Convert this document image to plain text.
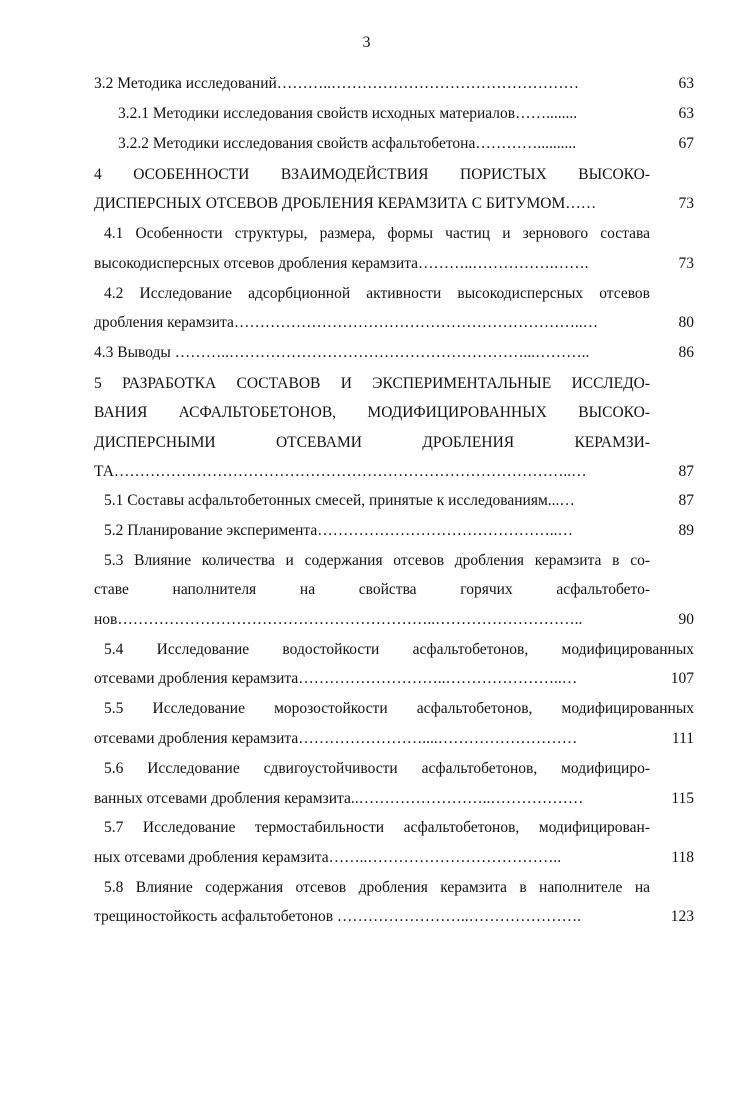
3
3.2 Методика исследований………..…………………………………………	63
3.2.1 Методики исследования свойств исходных материалов……........	63
3.2.2 Методики исследования свойств асфальтобетона…………..........	67
4 ОСОБЕННОСТИ ВЗАИМОДЕЙСТВИЯ ПОРИСТЫХ ВЫСОКО-
ДИСПЕРСНЫХ ОТСЕВОВ ДРОБЛЕНИЯ КЕРАМЗИТА С БИТУМОМ……	73
4.1 Особенности структуры, размера, формы частиц и зернового состава
высокодисперсных отсевов дробления керамзита………..…………….…….	73
4.2 Исследование адсорбционной активности высокодисперсных отсевов
дробления керамзита…………………………………………………………..…	80
4.3 Выводы ………..…………………………………………………...………..	86
5 РАЗРАБОТКА СОСТАВОВ И ЭКСПЕРИМЕНТАЛЬНЫЕ ИССЛЕДО-
ВАНИЯ АСФАЛЬТОБЕТОНОВ, МОДИФИЦИРОВАННЫХ ВЫСОКО-
ДИСПЕРСНЫМИ ОТСЕВАМИ ДРОБЛЕНИЯ КЕРАМЗИ-
ТА……………………………………………………………………………..…	87
5.1 Составы асфальтобетонных смесей, принятые к исследованиям...…	87
5.2 Планирование эксперимента………………………………………..…	89
5.3 Влияние количества и содержания отсевов дробления керамзита в со-
ставе наполнителя на свойства горячих асфальтобето-
нов……………………………………………………..………………………..	90
5.4 Исследование водостойкости асфальтобетонов, модифицированных
отсевами дробления керамзита………………………..…………………..…	107
5.5 Исследование морозостойкости асфальтобетонов, модифицированных
отсевами дробления керамзита……………………....………………………	111
5.6 Исследование сдвигоустойчивости асфальтобетонов, модифициро-
ванных отсевами дробления керамзита..……………………..………………	115
5.7 Исследование термостабильности асфальтобетонов, модифицирован-
ных отсевами дробления керамзита……..………………………………..	118
5.8 Влияние содержания отсевов дробления керамзита в наполнителе на
трещиностойкость асфальтобетонов ……………………..………………….	123
